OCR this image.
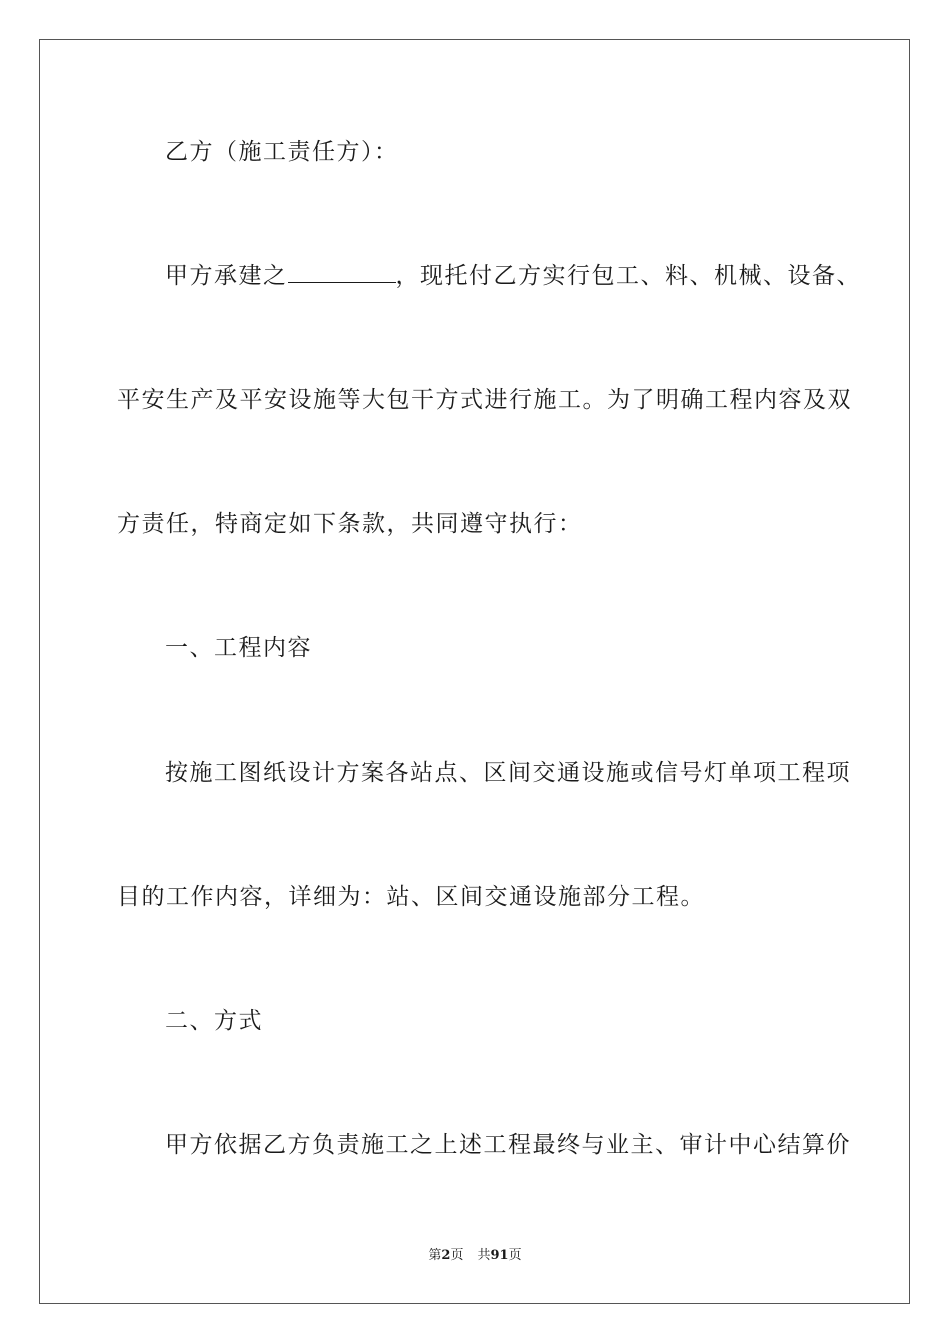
乙方（施工责任方）：
甲方承建之	，现托付乙方实行包工、料、机械、设备、
平安生产及平安设施等大包干方式进行施工。为了明确工程内容及双
方责任，特商定如下条款，共同遵守执行：
一、工程内容
按施工图纸设计方案各站点、区间交通设施或信号灯单项工程项
目的工作内容，详细为：站、区间交通设施部分工程。
二、方式
甲方依据乙方负责施工之上述工程最终与业主、审计中心结算价
第2页 共91页
